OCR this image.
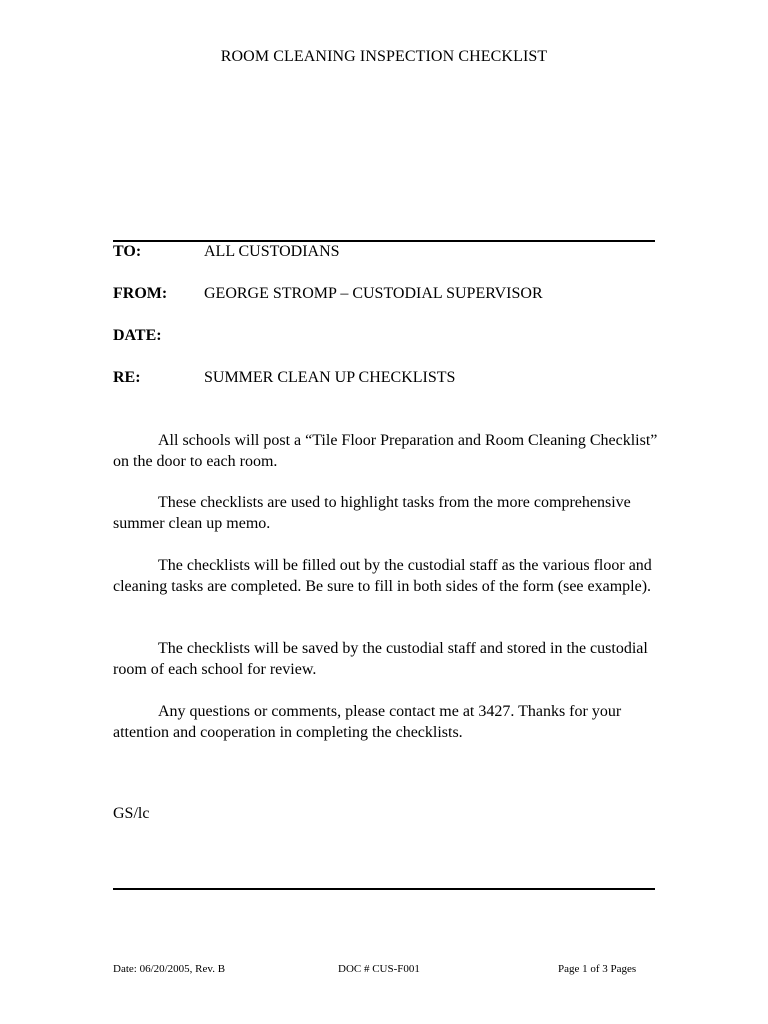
ROOM CLEANING INSPECTION CHECKLIST
TO:	ALL CUSTODIANS
FROM: GEORGE STROMP – CUSTODIAL SUPERVISOR
DATE:
RE:	SUMMER CLEAN UP CHECKLISTS
All schools will post a “Tile Floor Preparation and Room Cleaning Checklist” on the door to each room.
These checklists are used to highlight tasks from the more comprehensive summer clean up memo.
The checklists will be filled out by the custodial staff as the various floor and cleaning tasks are completed. Be sure to fill in both sides of the form (see example).
The checklists will be saved by the custodial staff and stored in the custodial room of each school for review.
Any questions or comments, please contact me at 3427. Thanks for your attention and cooperation in completing the checklists.
GS/lc
Date: 06/20/2005, Rev. B	DOC # CUS-F001	Page 1 of 3 Pages
